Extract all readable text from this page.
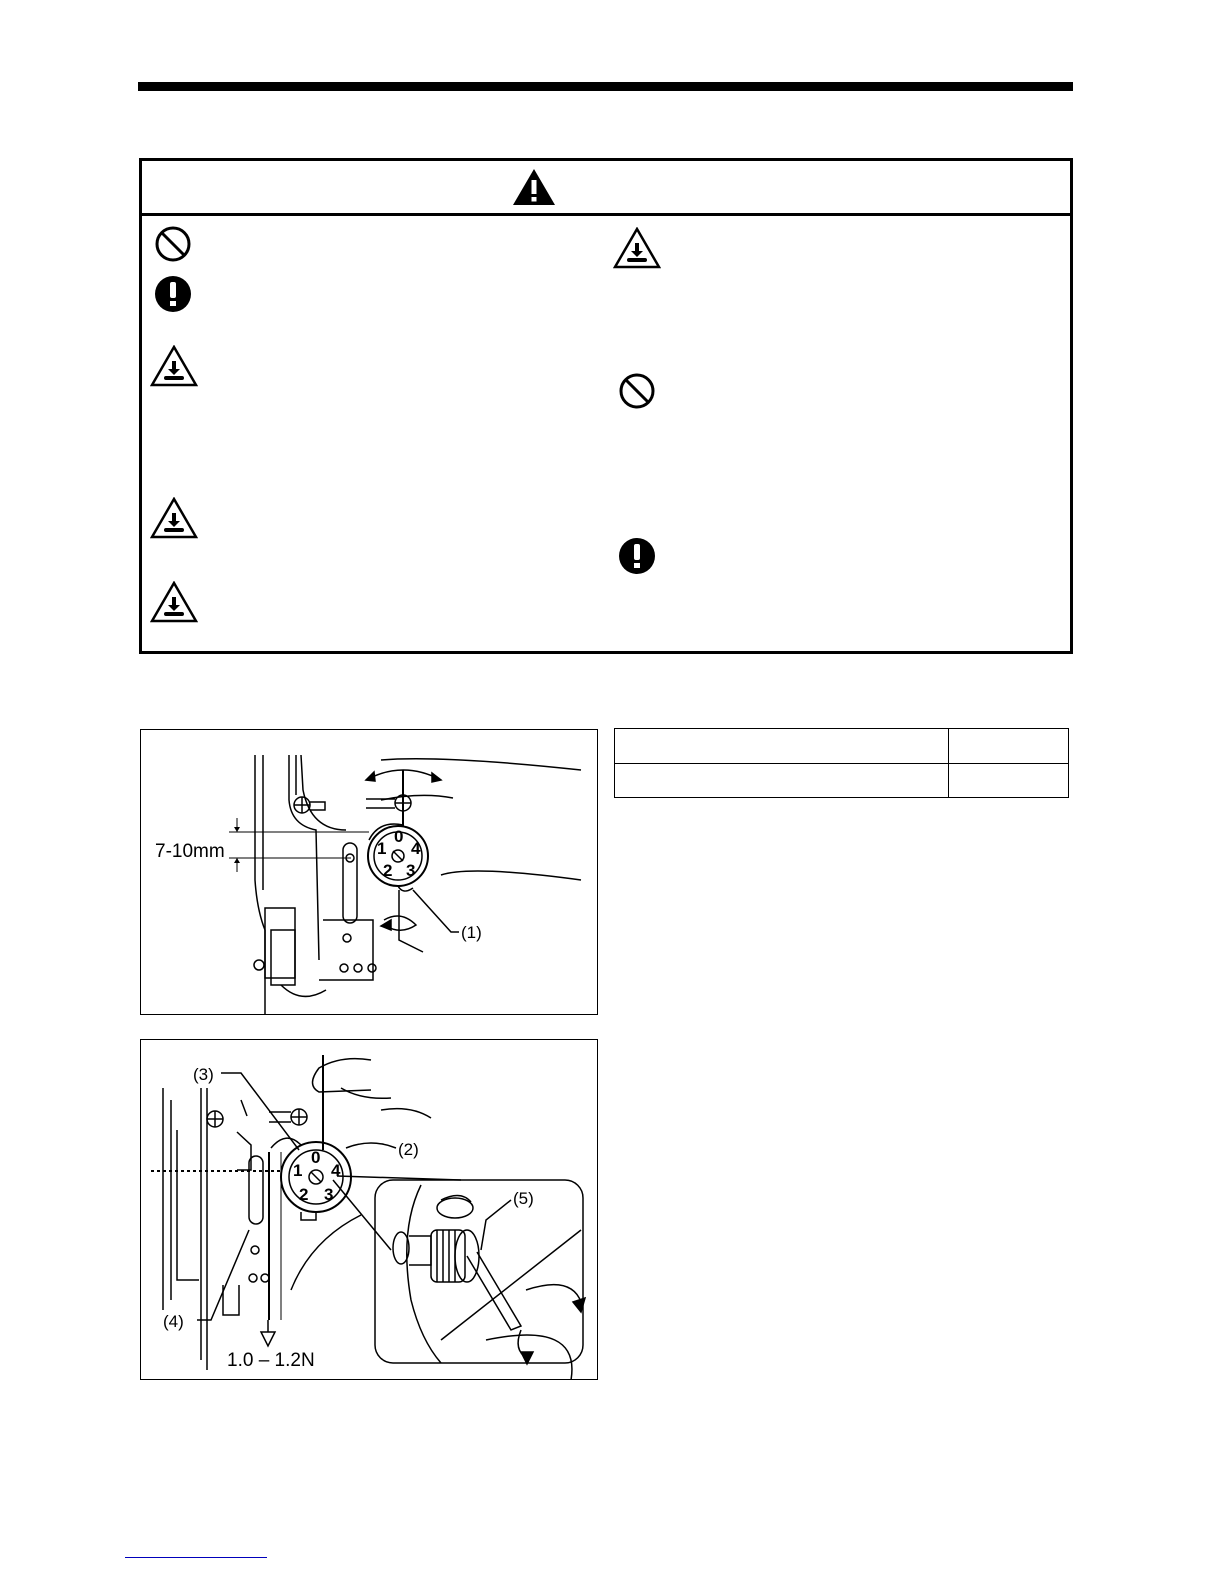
0
4
3
2
1
7-10mm
(1)

0
4
3
2
1
(3)
(2)
(5)
(4)
1.0 – 1.2N
